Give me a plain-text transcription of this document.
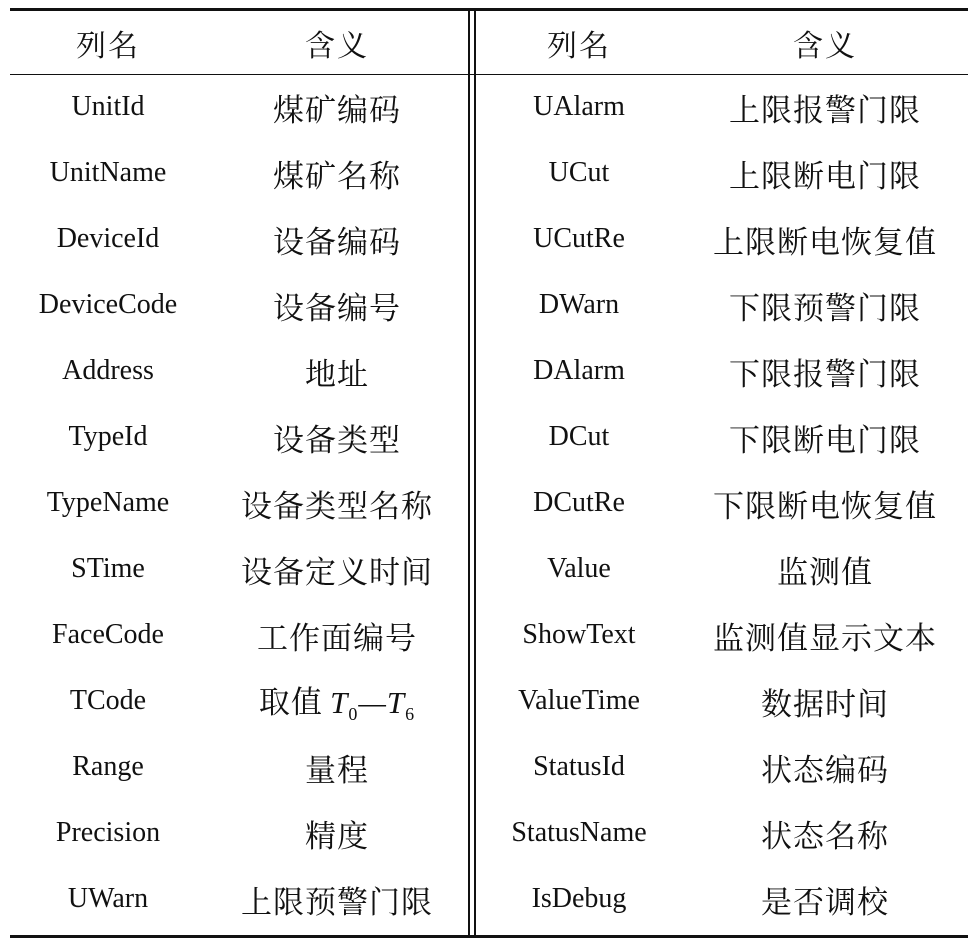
列名	含义
UnitId	煤矿编码
UnitName	煤矿名称
DeviceId	设备编码
DeviceCode	设备编号
Address	地址
TypeId	设备类型
TypeName	设备类型名称
STime	设备定义时间
FaceCode	工作面编号
TCode	取值  $T_0—T_6$
Range	量程
Precision	精度
UWarn	上限预警门限
列名	含义
UAlarm	上限报警门限
UCut	上限断电门限
UCutRe	上限断电恢复值
DWarn	下限预警门限
DAlarm	下限报警门限
DCut	下限断电门限
DCutRe	下限断电恢复值
Value	监测值
ShowText	监测值显示文本
ValueTime	数据时间
StatusId	状态编码
StatusName	状态名称
IsDebug	是否调校
